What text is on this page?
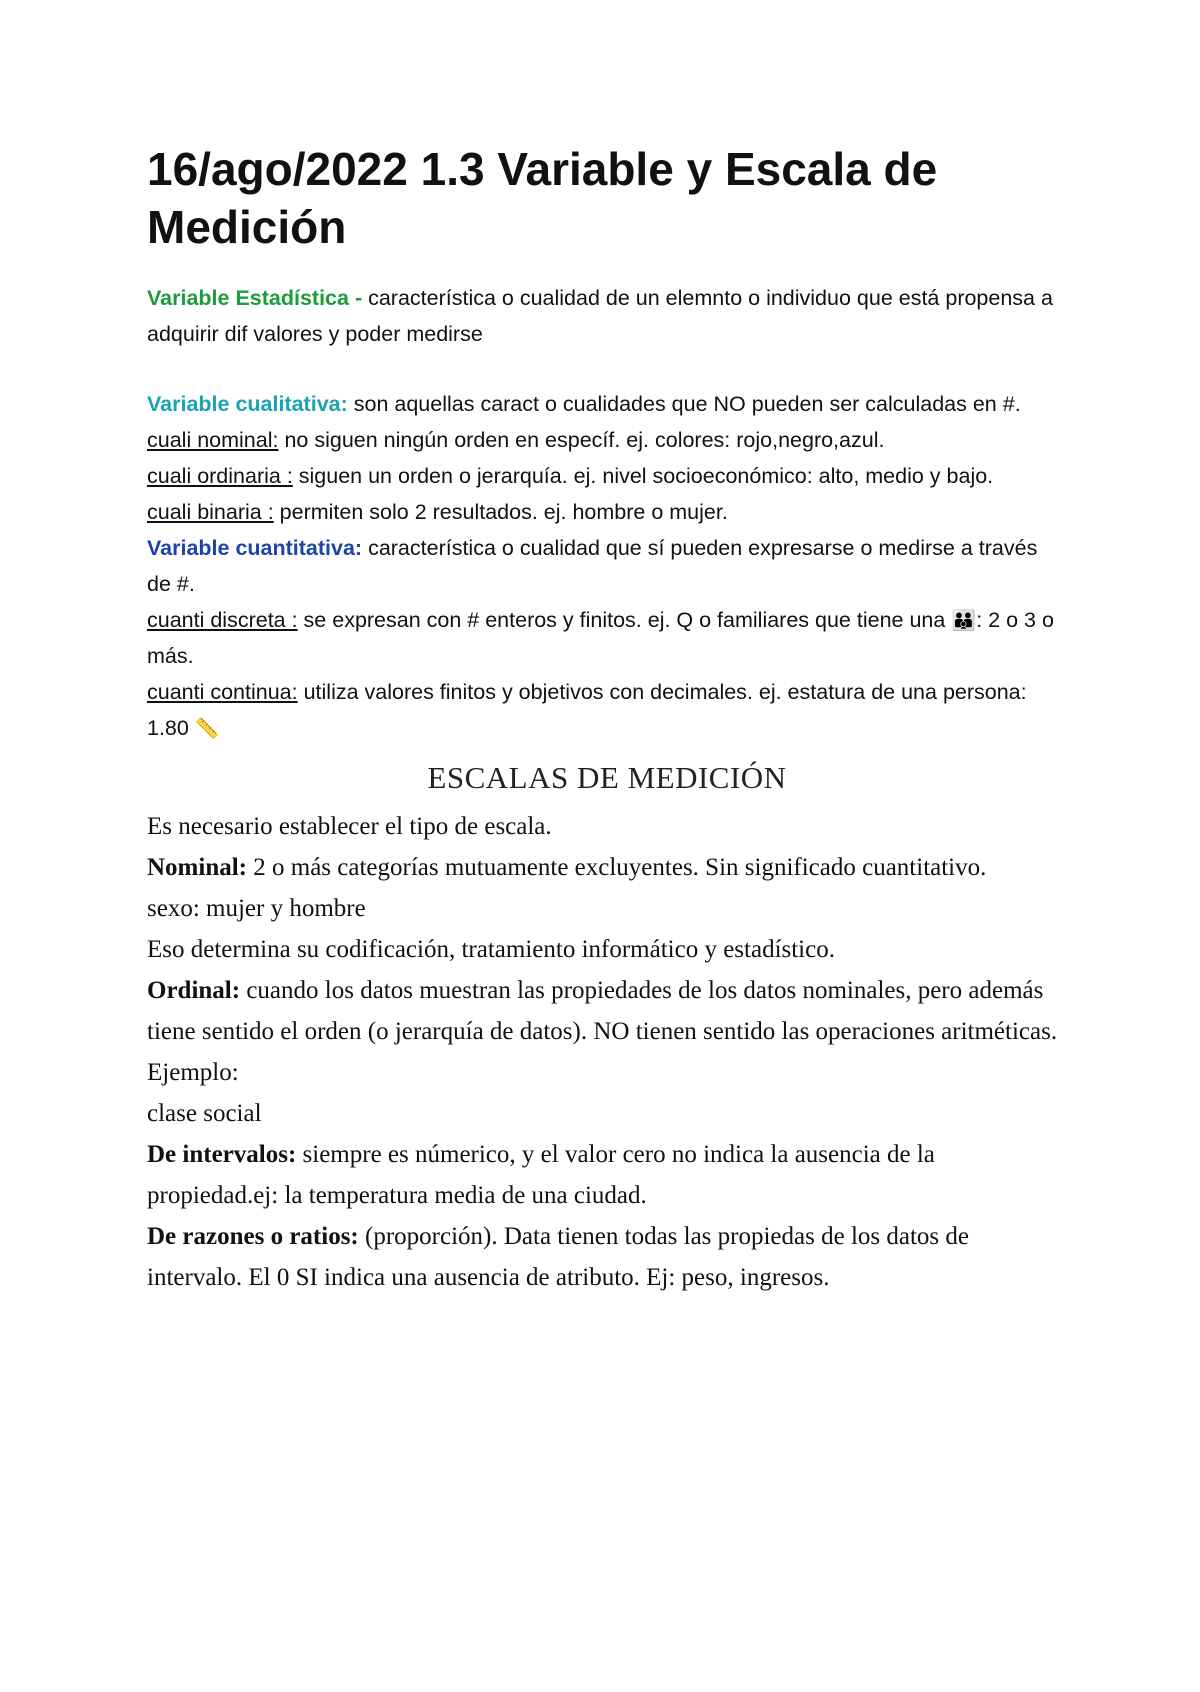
16/ago/2022 1.3 Variable y Escala de Medición

Variable Estadística - característica o cualidad de un elemnto o individuo que está propensa a adquirir dif valores y poder medirse

Variable cualitativa: son aquellas caract o cualidades que NO pueden ser calculadas en #.

cuali nominal: no siguen ningún orden en específ. ej. colores: rojo,negro,azul.

cuali ordinaria : siguen un orden o jerarquía. ej. nivel socioeconómico: alto, medio y bajo.

cuali binaria : permiten solo 2 resultados. ej. hombre o mujer.

Variable cuantitativa: característica o cualidad que sí pueden expresarse o medirse a través de #.

cuanti discreta : se expresan con # enteros y finitos. ej. Q o familiares que tiene una 👪: 2 o 3 o más.

cuanti continua: utiliza valores finitos y objetivos con decimales. ej. estatura de una persona: 1.80 📏

ESCALAS DE MEDICIÓN

Es necesario establecer el tipo de escala.

Nominal: 2 o más categorías mutuamente excluyentes. Sin significado cuantitativo.

sexo: mujer y hombre

Eso determina su codificación, tratamiento informático y estadístico.

Ordinal: cuando los datos muestran las propiedades de los datos nominales, pero además tiene sentido el orden (o jerarquía de datos). NO tienen sentido las operaciones aritméticas.

Ejemplo:

clase social

De intervalos: siempre es númerico, y el valor cero no indica la ausencia de la propiedad.ej: la temperatura media de una ciudad.

De razones o ratios: (proporción). Data tienen todas las propiedas de los datos de intervalo. El 0 SI indica una ausencia de atributo. Ej: peso, ingresos.
